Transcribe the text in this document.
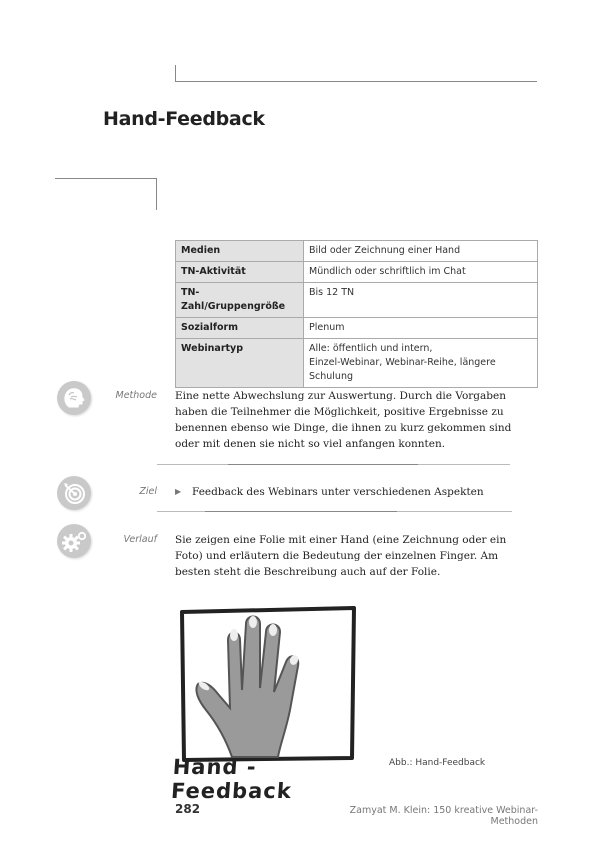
Hand-Feedback
Medien	Bild oder Zeichnung einer Hand
TN-Aktivität	Mündlich oder schriftlich im Chat
TN-Zahl/Gruppengröße	Bis 12 TN
Sozialform	Plenum
Webinartyp	Alle: öffentlich und intern,
Einzel-Webinar, Webinar-Reihe, längere Schulung
Methode Eine nette Abwechslung zur Auswertung. Durch die Vorgaben haben die Teilnehmer die Möglichkeit, positive Ergebnisse zu benennen ebenso wie Dinge, die ihnen zu kurz gekommen sind oder mit denen sie nicht so viel anfangen konnten.
Ziel ▶ Feedback des Webinars unter verschiedenen Aspekten
Verlauf Sie zeigen eine Folie mit einer Hand (eine Zeichnung oder ein Foto) und erläutern die Bedeutung der einzelnen Finger. Am besten steht die Beschreibung auch auf der Folie.
Hand - Feedback
Abb.: Hand-Feedback
282	Zamyat M. Klein: 150 kreative Webinar-Methoden
